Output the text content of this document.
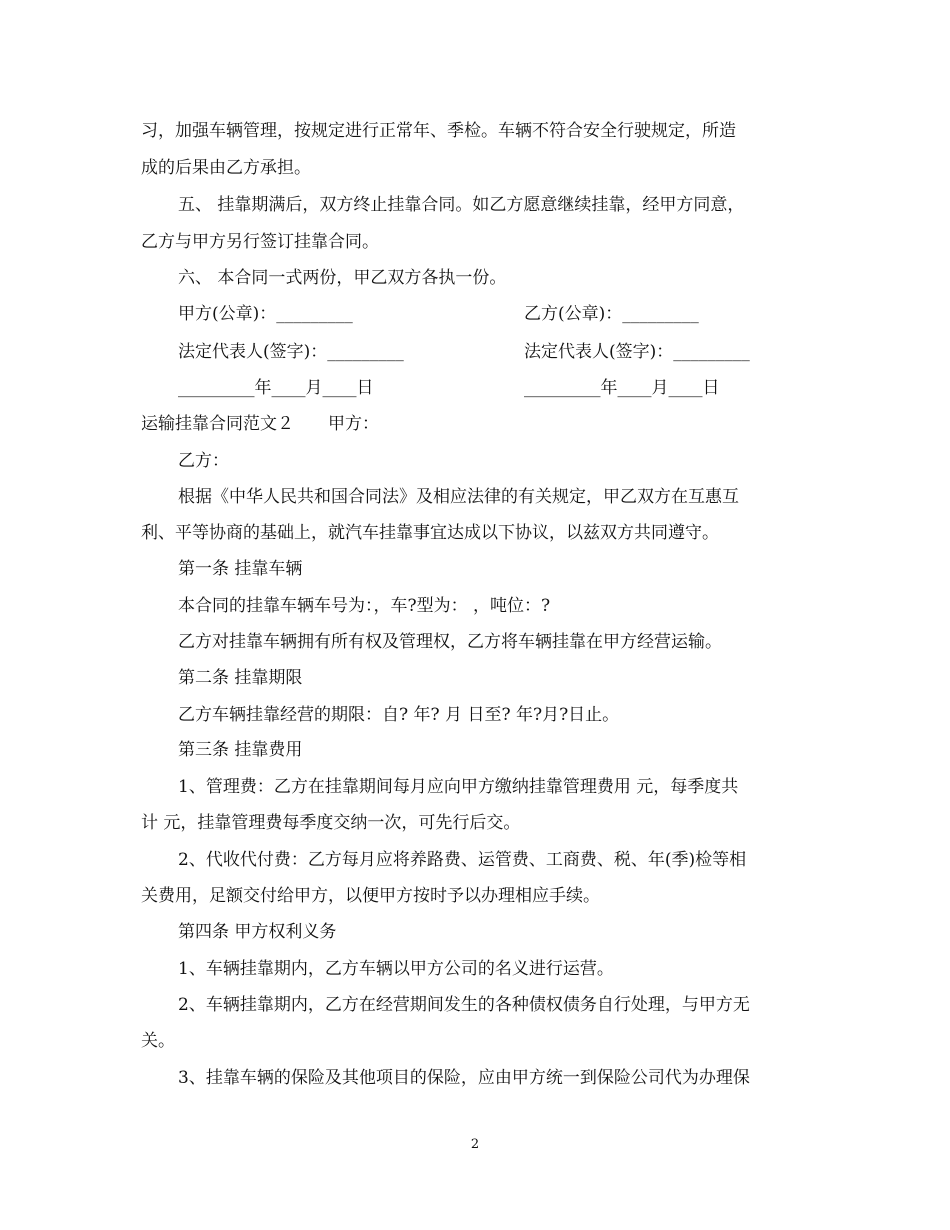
习，加强车辆管理，按规定进行正常年、季检。车辆不符合安全行驶规定，所造
成的后果由乙方承担。
五、 挂靠期满后，双方终止挂靠合同。如乙方愿意继续挂靠，经甲方同意，
乙方与甲方另行签订挂靠合同。
六、 本合同一式两份，甲乙双方各执一份。
甲方(公章)：_________	乙方(公章)：_________
法定代表人(签字)：_________	法定代表人(签字)：_________
_________年____月____日	_________年____月____日
运输挂靠合同范文２　　甲方：
乙方：
根据《中华人民共和国合同法》及相应法律的有关规定，甲乙双方在互惠互
利、平等协商的基础上，就汽车挂靠事宜达成以下协议，以兹双方共同遵守。
第一条 挂靠车辆
本合同的挂靠车辆车号为：，车?型为： ，吨位：?
乙方对挂靠车辆拥有所有权及管理权，乙方将车辆挂靠在甲方经营运输。
第二条 挂靠期限
乙方车辆挂靠经营的期限：自? 年? 月 日至? 年?月?日止。
第三条 挂靠费用
1、管理费：乙方在挂靠期间每月应向甲方缴纳挂靠管理费用 元，每季度共
计 元，挂靠管理费每季度交纳一次，可先行后交。
2、代收代付费：乙方每月应将养路费、运管费、工商费、税、年(季)检等相
关费用，足额交付给甲方，以便甲方按时予以办理相应手续。
第四条 甲方权利义务
1、车辆挂靠期内，乙方车辆以甲方公司的名义进行运营。
2、车辆挂靠期内，乙方在经营期间发生的各种债权债务自行处理，与甲方无
关。
3、挂靠车辆的保险及其他项目的保险，应由甲方统一到保险公司代为办理保
2
